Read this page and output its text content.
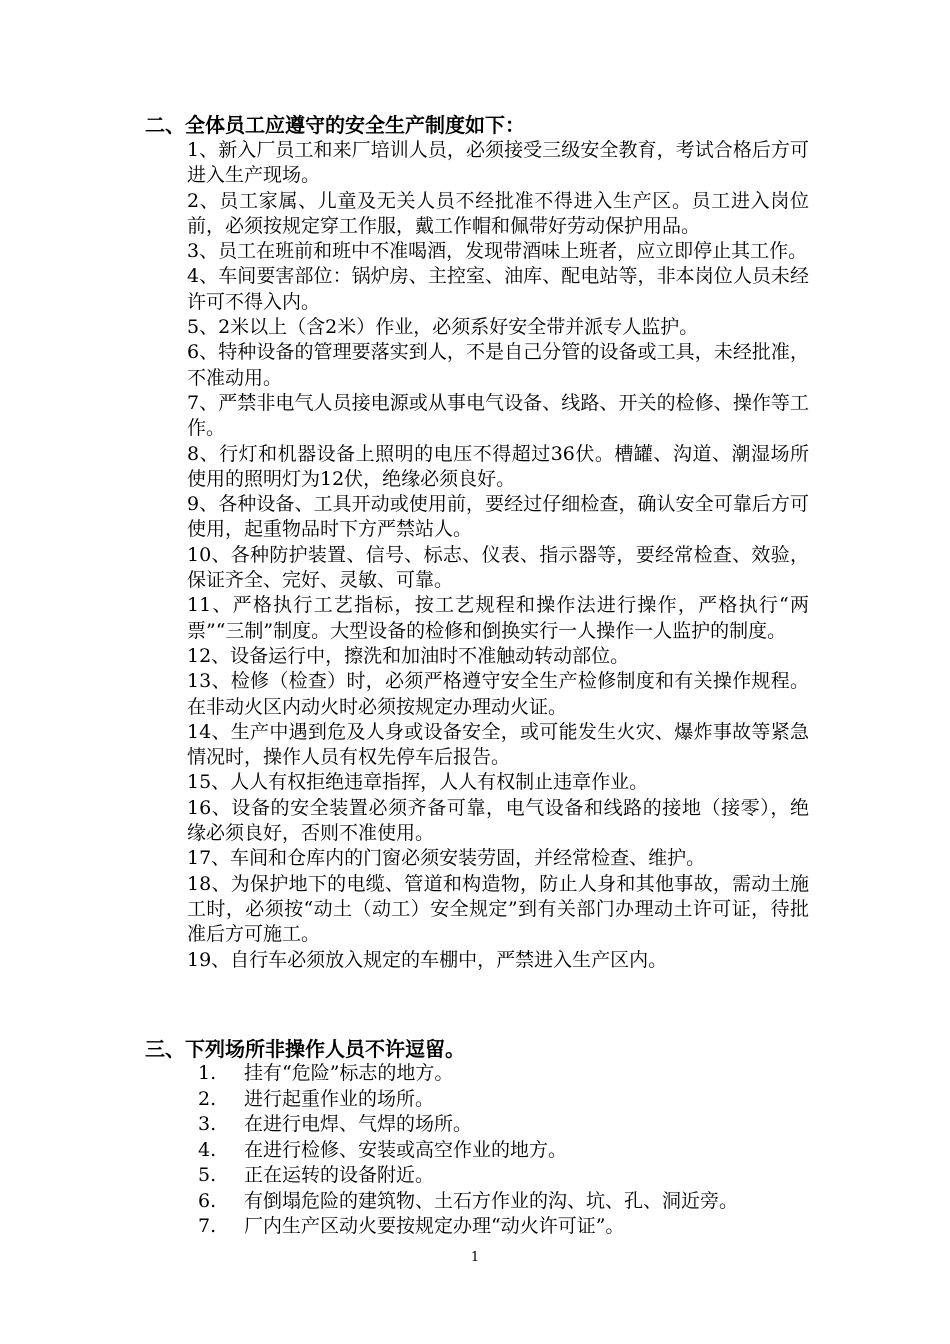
二、全体员工应遵守的安全生产制度如下：
1、新入厂员工和来厂培训人员，必须接受三级安全教育，考试合格后方可进入生产现场。
2、员工家属、儿童及无关人员不经批准不得进入生产区。员工进入岗位前，必须按规定穿工作服，戴工作帽和佩带好劳动保护用品。
3、员工在班前和班中不准喝酒，发现带酒味上班者，应立即停止其工作。
4、车间要害部位：锅炉房、主控室、油库、配电站等，非本岗位人员未经许可不得入内。
5、2米以上（含2米）作业，必须系好安全带并派专人监护。
6、特种设备的管理要落实到人，不是自己分管的设备或工具，未经批准，不准动用。
7、严禁非电气人员接电源或从事电气设备、线路、开关的检修、操作等工作。
8、行灯和机器设备上照明的电压不得超过36伏。槽罐、沟道、潮湿场所使用的照明灯为12伏，绝缘必须良好。
9、各种设备、工具开动或使用前，要经过仔细检查，确认安全可靠后方可使用，起重物品时下方严禁站人。
10、各种防护装置、信号、标志、仪表、指示器等，要经常检查、效验，保证齐全、完好、灵敏、可靠。
11、严格执行工艺指标，按工艺规程和操作法进行操作，严格执行“两票”“三制”制度。大型设备的检修和倒换实行一人操作一人监护的制度。
12、设备运行中，擦洗和加油时不准触动转动部位。
13、检修（检查）时，必须严格遵守安全生产检修制度和有关操作规程。在非动火区内动火时必须按规定办理动火证。
14、生产中遇到危及人身或设备安全，或可能发生火灾、爆炸事故等紧急情况时，操作人员有权先停车后报告。
15、人人有权拒绝违章指挥，人人有权制止违章作业。
16、设备的安全装置必须齐备可靠，电气设备和线路的接地（接零），绝缘必须良好，否则不准使用。
17、车间和仓库内的门窗必须安装劳固，并经常检查、维护。
18、为保护地下的电缆、管道和构造物，防止人身和其他事故，需动土施工时，必须按“动土（动工）安全规定”到有关部门办理动土许可证，待批准后方可施工。
19、自行车必须放入规定的车棚中，严禁进入生产区内。
三、下列场所非操作人员不许逗留。
1.	挂有“危险”标志的地方。
2.	进行起重作业的场所。
3.	在进行电焊、气焊的场所。
4.	在进行检修、安装或高空作业的地方。
5.	正在运转的设备附近。
6.	有倒塌危险的建筑物、土石方作业的沟、坑、孔、洞近旁。
7.	厂内生产区动火要按规定办理“动火许可证”。
1
